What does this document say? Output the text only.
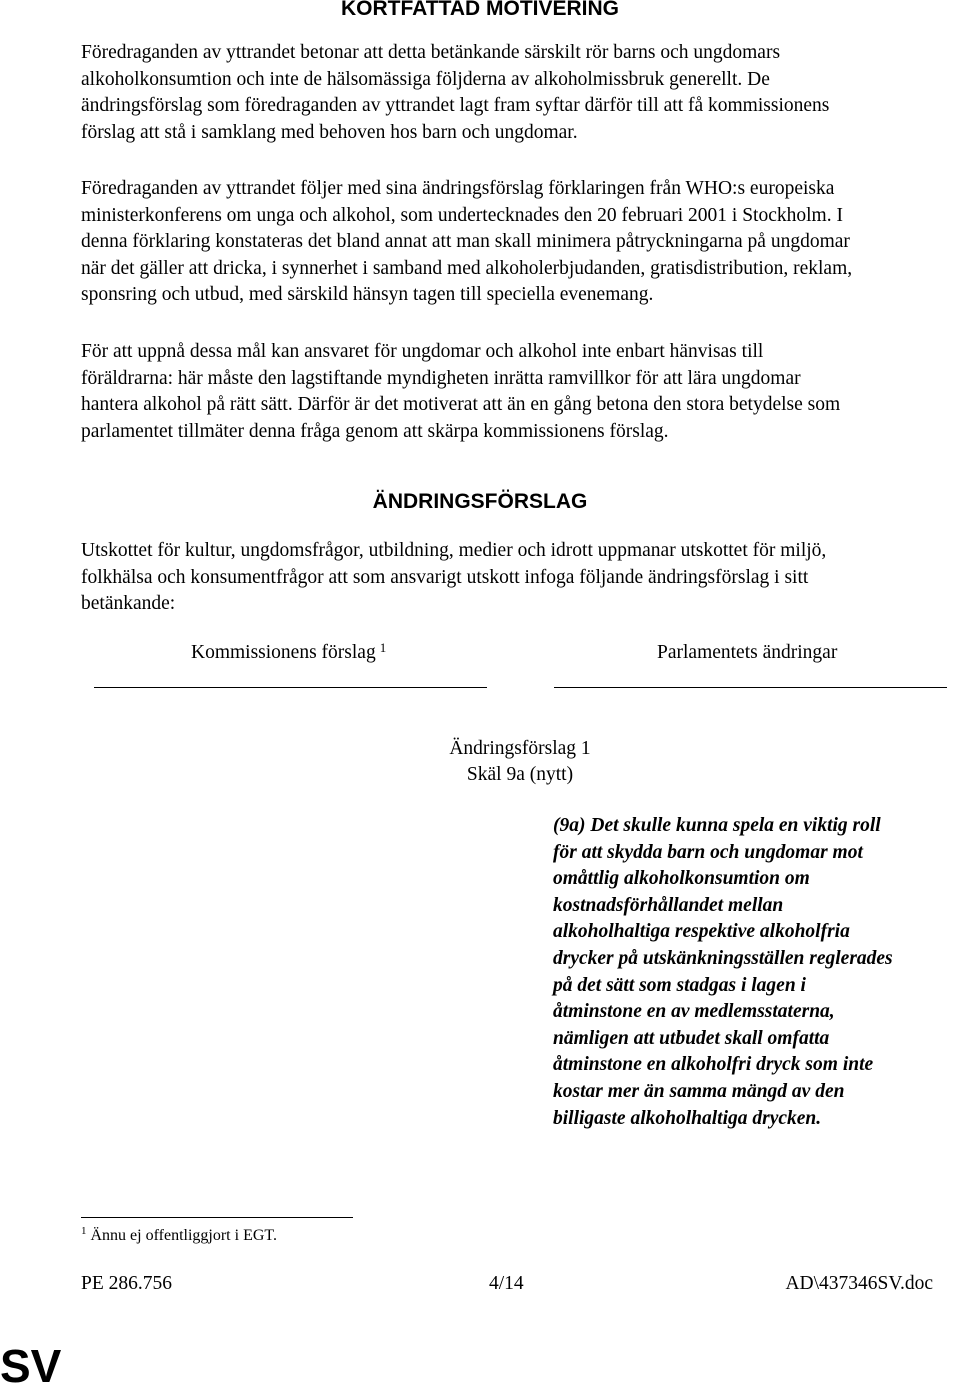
KORTFATTAD MOTIVERING
Föredraganden av yttrandet betonar att detta betänkande särskilt rör barns och ungdomars
alkoholkonsumtion och inte de hälsomässiga följderna av alkoholmissbruk generellt. De
ändringsförslag som föredraganden av yttrandet lagt fram syftar därför till att få kommissionens
förslag att stå i samklang med behoven hos barn och ungdomar.
Föredraganden av yttrandet följer med sina ändringsförslag förklaringen från WHO:s europeiska
ministerkonferens om unga och alkohol, som undertecknades den 20 februari 2001 i Stockholm. I
denna förklaring konstateras det bland annat att man skall minimera påtryckningarna på ungdomar
när det gäller att dricka, i synnerhet i samband med alkoholerbjudanden, gratisdistribution, reklam,
sponsring och utbud, med särskild hänsyn tagen till speciella evenemang.
För att uppnå dessa mål kan ansvaret för ungdomar och alkohol inte enbart hänvisas till
föräldrarna: här måste den lagstiftande myndigheten inrätta ramvillkor för att lära ungdomar
hantera alkohol på rätt sätt. Därför är det motiverat att än en gång betona den stora betydelse som
parlamentet tillmäter denna fråga genom att skärpa kommissionens förslag.
ÄNDRINGSFÖRSLAG
Utskottet för kultur, ungdomsfrågor, utbildning, medier och idrott uppmanar utskottet för miljö,
folkhälsa och konsumentfrågor att som ansvarigt utskott infoga följande ändringsförslag i sitt
betänkande:

Kommissionens förslag $^1$	Parlamentets ändringar

Ändringsförslag 1

Skäl 9a (nytt)

(9a) Det skulle kunna spela en viktig roll
för att skydda barn och ungdomar mot
omåttlig alkoholkonsumtion om
kostnadsförhållandet mellan
alkoholhaltiga respektive alkoholfria
drycker på utskänkningsställen reglerades
på det sätt som stadgas i lagen i
åtminstone en av medlemsstaterna,
nämligen att utbudet skall omfatta
åtminstone en alkoholfri dryck som inte
kostar mer än samma mängd av den
billigaste alkoholhaltiga drycken.

$^1$ Ännu ej offentliggjort i EGT.

PE 286.756	4/14	AD\437346SV.doc

SV
